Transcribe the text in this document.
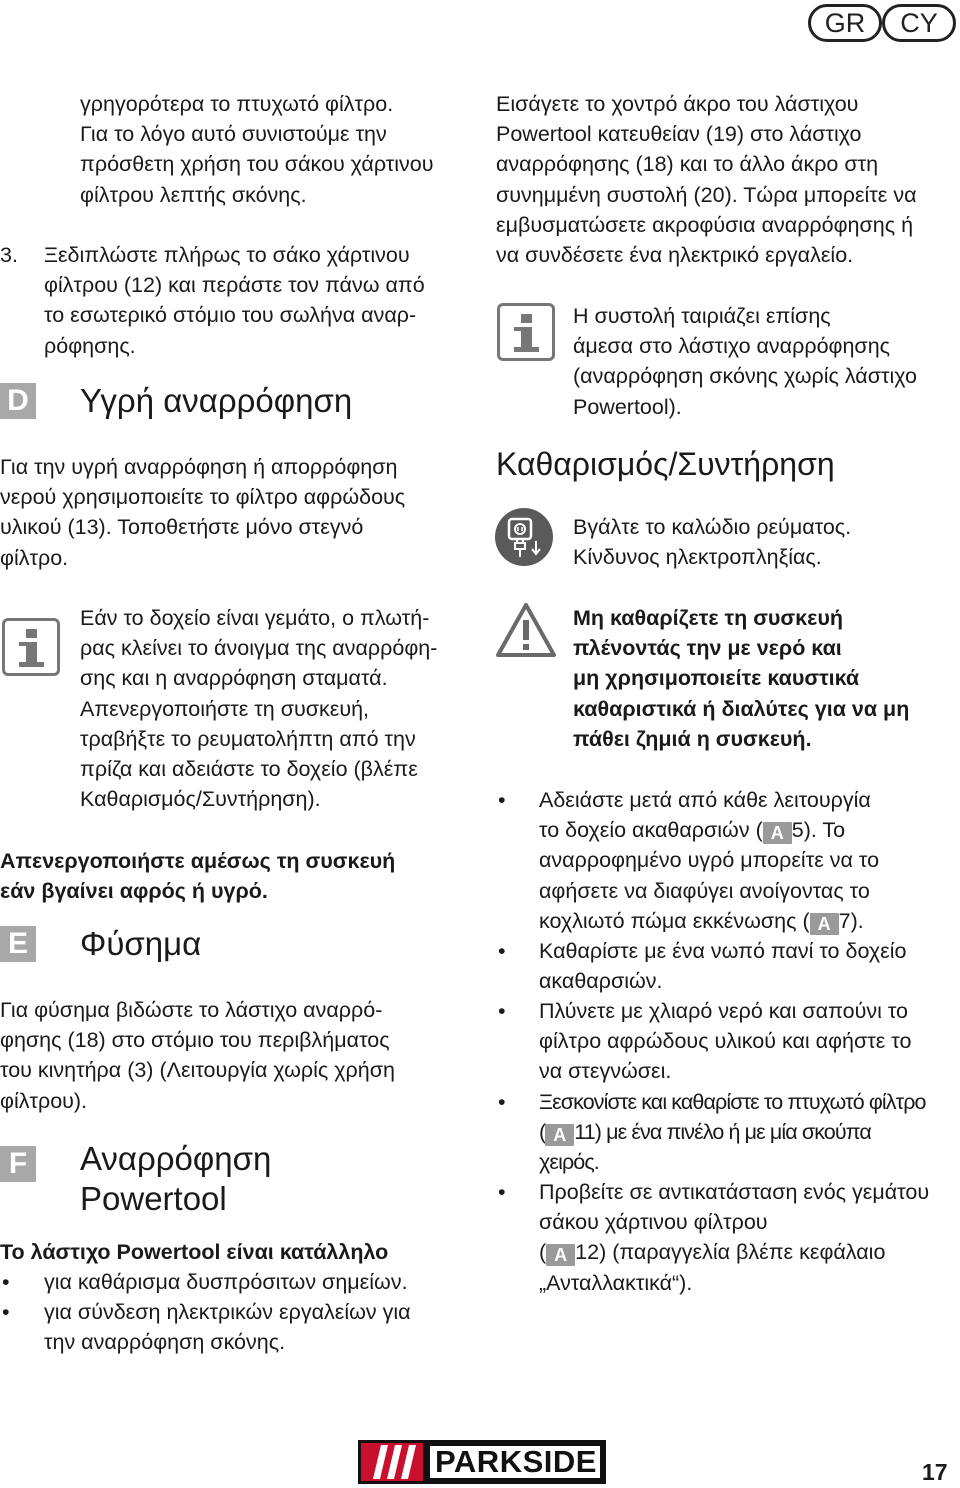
GR	CY
γρηγορότερα το πτυχωτό φίλτρο.
Για το λόγο αυτό συνιστούμε την
πρόσθετη χρήση του σάκου χάρτινου
φίλτρου λεπτής σκόνης.
3. Ξεδιπλώστε πλήρως το σάκο χάρτινου
φίλτρου (12) και περάστε τον πάνω από
το εσωτερικό στόμιο του σωλήνα αναρ-
ρόφησης.
D Υγρή αναρρόφηση
Για την υγρή αναρρόφηση ή απορρόφηση
νερού χρησιμοποιείτε το φίλτρο αφρώδους
υλικού (13). Τοποθετήστε μόνο στεγνό
φίλτρο.
Εάν το δοχείο είναι γεμάτο, ο πλωτή-
ρας κλείνει το άνοιγμα της αναρρόφη-
σης και η αναρρόφηση σταματά.
Απενεργοποιήστε τη συσκευή,
τραβήξτε το ρευματολήπτη από την
πρίζα και αδειάστε το δοχείο (βλέπε
Καθαρισμός/Συντήρηση).
Απενεργοποιήστε αμέσως τη συσκευή
εάν βγαίνει αφρός ή υγρό.
E Φύσημα
Για φύσημα βιδώστε το λάστιχο αναρρό-
φησης (18) στο στόμιο του περιβλήματος
του κινητήρα (3) (Λειτουργία χωρίς χρήση
φίλτρου).
F Αναρρόφηση
Powertool
Το λάστιχο Powertool είναι κατάλληλο
• για καθάρισμα δυσπρόσιτων σημείων.
• για σύνδεση ηλεκτρικών εργαλείων για
την αναρρόφηση σκόνης.
Εισάγετε το χοντρό άκρο του λάστιχου
Powertool κατευθείαν (19) στο λάστιχο
αναρρόφησης (18) και το άλλο άκρο στη
συνημμένη συστολή (20). Τώρα μπορείτε να
εμβυσματώσετε ακροφύσια αναρρόφησης ή
να συνδέσετε ένα ηλεκτρικό εργαλείο.
Η συστολή ταιριάζει επίσης
άμεσα στο λάστιχο αναρρόφησης
(αναρρόφηση σκόνης χωρίς λάστιχο
Powertool).
Καθαρισμός/Συντήρηση
Βγάλτε το καλώδιο ρεύματος.
Κίνδυνος ηλεκτροπληξίας.
Μη καθαρίζετε τη συσκευή
πλένοντάς την με νερό και
μη χρησιμοποιείτε καυστικά
καθαριστικά ή διαλύτες για να μη
πάθει ζημιά η συσκευή.
• Αδειάστε μετά από κάθε λειτουργία
το δοχείο ακαθαρσιών ( A 5). Το
αναρροφημένο υγρό μπορείτε να το
αφήσετε να διαφύγει ανοίγοντας το
κοχλιωτό πώμα εκκένωσης ( A 7).
• Καθαρίστε με ένα νωπό πανί το δοχείο
ακαθαρσιών.
• Πλύνετε με χλιαρό νερό και σαπούνι το
φίλτρο αφρώδους υλικού και αφήστε το
να στεγνώσει.
• Ξεσκονίστε και καθαρίστε το πτυχωτό φίλτρο
( A 11) με ένα πινέλο ή με μία σκούπα
χειρός.
• Προβείτε σε αντικατάσταση ενός γεμάτου
σάκου χάρτινου φίλτρου
( A 12) (παραγγελία βλέπε κεφάλαιο
„Ανταλλακτικά“).
PARKSIDE	17
